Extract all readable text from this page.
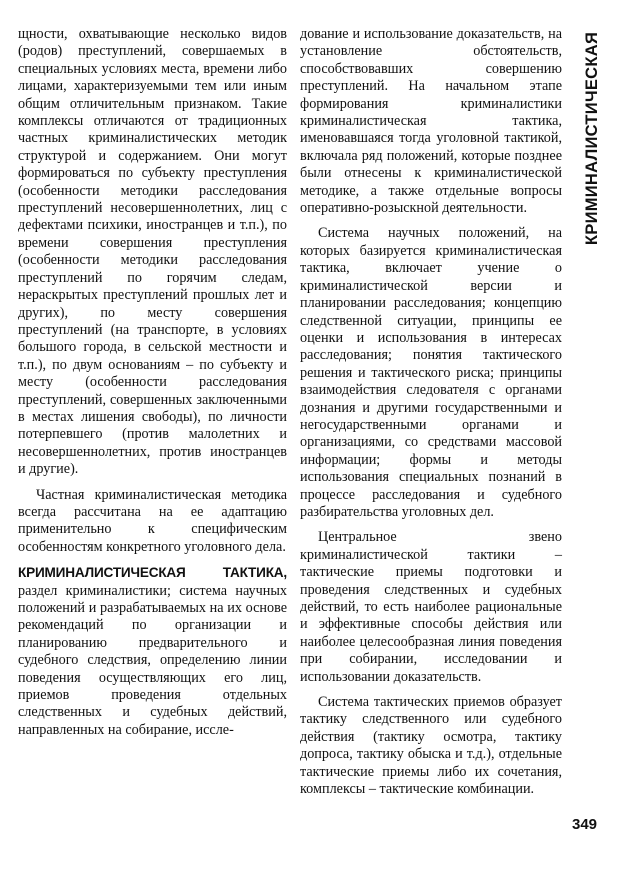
щности, охватывающие несколько видов (родов) преступлений, совершаемых в специальных условиях места, времени либо лицами, характеризуемыми тем или иным общим отличительным признаком. Такие комплексы отличаются от традиционных частных криминалистических методик структурой и содержанием. Они могут формироваться по субъекту преступления (особенности методики расследования преступлений несовершеннолетних, лиц с дефектами психики, иностранцев и т.п.), по времени совершения преступления (особенности методики расследования преступлений по горячим следам, нераскрытых преступлений прошлых лет и других), по месту совершения преступлений (на транспорте, в условиях большого города, в сельской местности и т.п.), по двум основаниям – по субъекту и месту (особенности расследования преступлений, совершенных заключенными в местах лишения свободы), по личности потерпевшего (против малолетних и несовершеннолетних, против иностранцев и другие).

Частная криминалистическая методика всегда рассчитана на ее адаптацию применительно к специфическим особенностям конкретного уголовного дела.

КРИМИНАЛИСТИЧЕСКАЯ ТАКТИКА, раздел криминалистики; система научных положений и разрабатываемых на их основе рекомендаций по организации и планированию предварительного и судебного следствия, определению линии поведения осуществляющих его лиц, приемов проведения отдельных следственных и судебных действий, направленных на собирание, иссле-

дование и использование доказательств, на установление обстоятельств, способствовавших совершению преступлений. На начальном этапе формирования криминалистики криминалистическая тактика, именовавшаяся тогда уголовной тактикой, включала ряд положений, которые позднее были отнесены к криминалистической методике, а также отдельные вопросы оперативно-розыскной деятельности.

Система научных положений, на которых базируется криминалистическая тактика, включает учение о криминалистической версии и планировании расследования; концепцию следственной ситуации, принципы ее оценки и использования в интересах расследования; понятия тактического решения и тактического риска; принципы взаимодействия следователя с органами дознания и другими государственными и негосударственными органами и организациями, со средствами массовой информации; формы и методы использования специальных познаний в процессе расследования и судебного разбирательства уголовных дел.

Центральное звено криминалистической тактики – тактические приемы подготовки и проведения следственных и судебных действий, то есть наиболее рациональные и эффективные способы действия или наиболее целесообразная линия поведения при собирании, исследовании и использовании доказательств.

Система тактических приемов образует тактику следственного или судебного действия (тактику осмотра, тактику допроса, тактику обыска и т.д.), отдельные тактические приемы либо их сочетания, комплексы – тактические комбинации.

КРИМИНАЛИСТИЧЕСКАЯ
349
